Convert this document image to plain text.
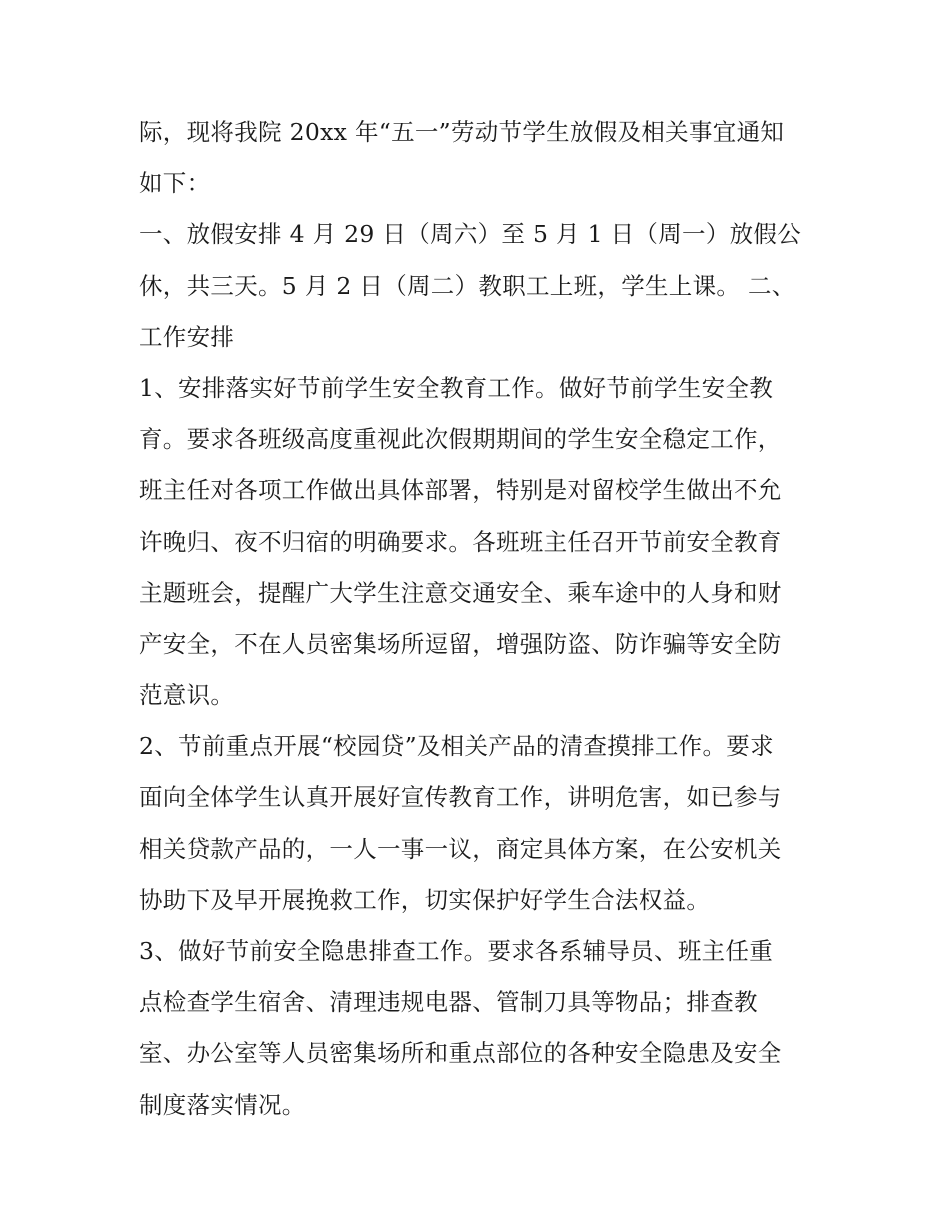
际，现将我院 20xx 年“五一”劳动节学生放假及相关事宜通知
如下：
一、放假安排 4 月 29 日（周六）至 5 月 1 日（周一）放假公
休，共三天。5 月 2 日（周二）教职工上班，学生上课。 二、
工作安排
1、安排落实好节前学生安全教育工作。做好节前学生安全教
育。要求各班级高度重视此次假期期间的学生安全稳定工作，
班主任对各项工作做出具体部署，特别是对留校学生做出不允
许晚归、夜不归宿的明确要求。各班班主任召开节前安全教育
主题班会，提醒广大学生注意交通安全、乘车途中的人身和财
产安全，不在人员密集场所逗留，增强防盗、防诈骗等安全防
范意识。
2、节前重点开展“校园贷”及相关产品的清查摸排工作。要求
面向全体学生认真开展好宣传教育工作，讲明危害，如已参与
相关贷款产品的，一人一事一议，商定具体方案，在公安机关
协助下及早开展挽救工作，切实保护好学生合法权益。
3、做好节前安全隐患排查工作。要求各系辅导员、班主任重
点检查学生宿舍、清理违规电器、管制刀具等物品；排查教
室、办公室等人员密集场所和重点部位的各种安全隐患及安全
制度落实情况。
